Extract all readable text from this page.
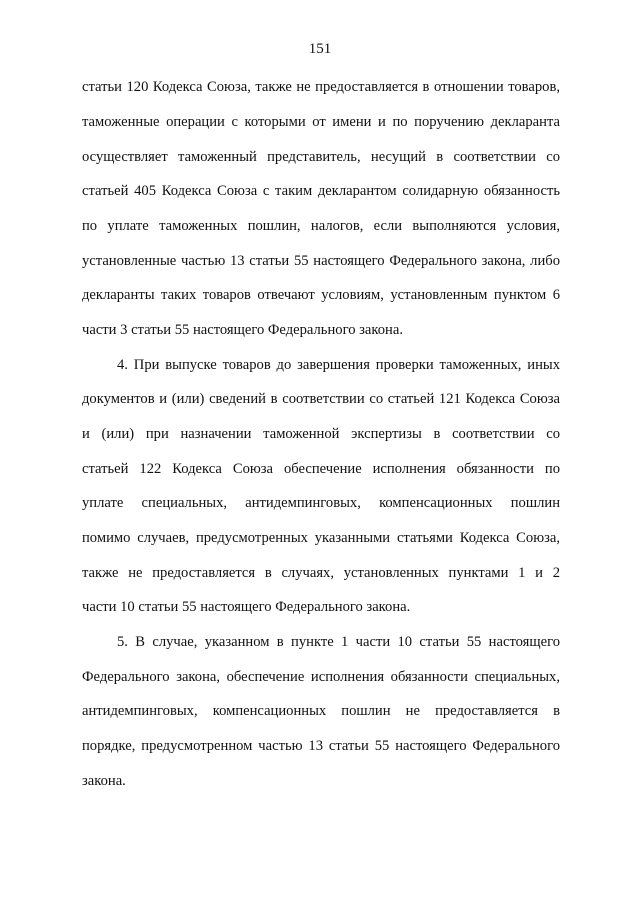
151
статьи 120 Кодекса Союза, также не предоставляется в отношении товаров,
таможенные операции с которыми от имени и по поручению декларанта
осуществляет таможенный представитель, несущий в соответствии со
статьей 405 Кодекса Союза с таким декларантом солидарную обязанность
по уплате таможенных пошлин, налогов, если выполняются условия,
установленные частью 13 статьи 55 настоящего Федерального закона, либо
декларанты таких товаров отвечают условиям, установленным пунктом 6
части 3 статьи 55 настоящего Федерального закона.
4. При выпуске товаров до завершения проверки таможенных, иных
документов и (или) сведений в соответствии со статьей 121 Кодекса Союза
и (или) при назначении таможенной экспертизы в соответствии со
статьей 122 Кодекса Союза обеспечение исполнения обязанности по
уплате специальных, антидемпинговых, компенсационных пошлин
помимо случаев, предусмотренных указанными статьями Кодекса Союза,
также не предоставляется в случаях, установленных пунктами 1 и 2
части 10 статьи 55 настоящего Федерального закона.
5. В случае, указанном в пункте 1 части 10 статьи 55 настоящего
Федерального закона, обеспечение исполнения обязанности специальных,
антидемпинговых, компенсационных пошлин не предоставляется в
порядке, предусмотренном частью 13 статьи 55 настоящего Федерального
закона.
